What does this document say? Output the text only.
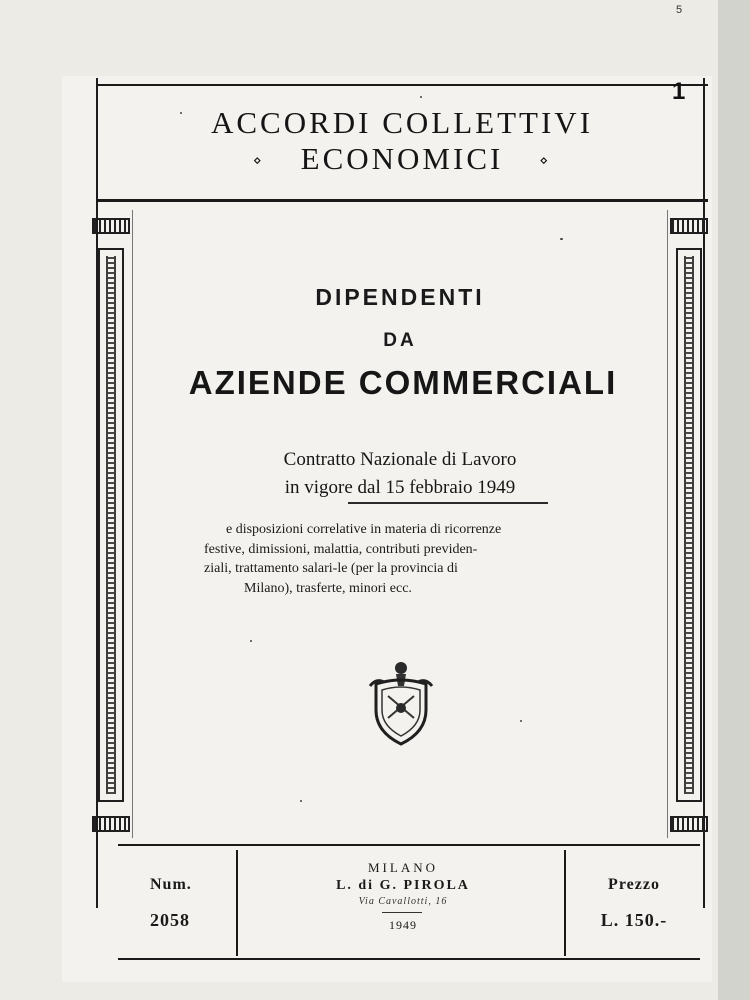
5
ACCORDI COLLETTIVI
⋄ ECONOMICI	⋄
1
DIPENDENTI
DA
AZIENDE COMMERCIALI
Contratto Nazionale di Lavoro
in vigore dal 15 febbraio 1949
e disposizioni correlative in materia di ricorrenze
festive, dimissioni, malattia, contributi previden-
ziali, trattamento salari‑le (per la provincia di
Milano), trasferte, minori ecc.
Num.
2058
MILANO
L. di G. PIROLA
Via Cavallotti, 16
1949
Prezzo
L. 150.-
